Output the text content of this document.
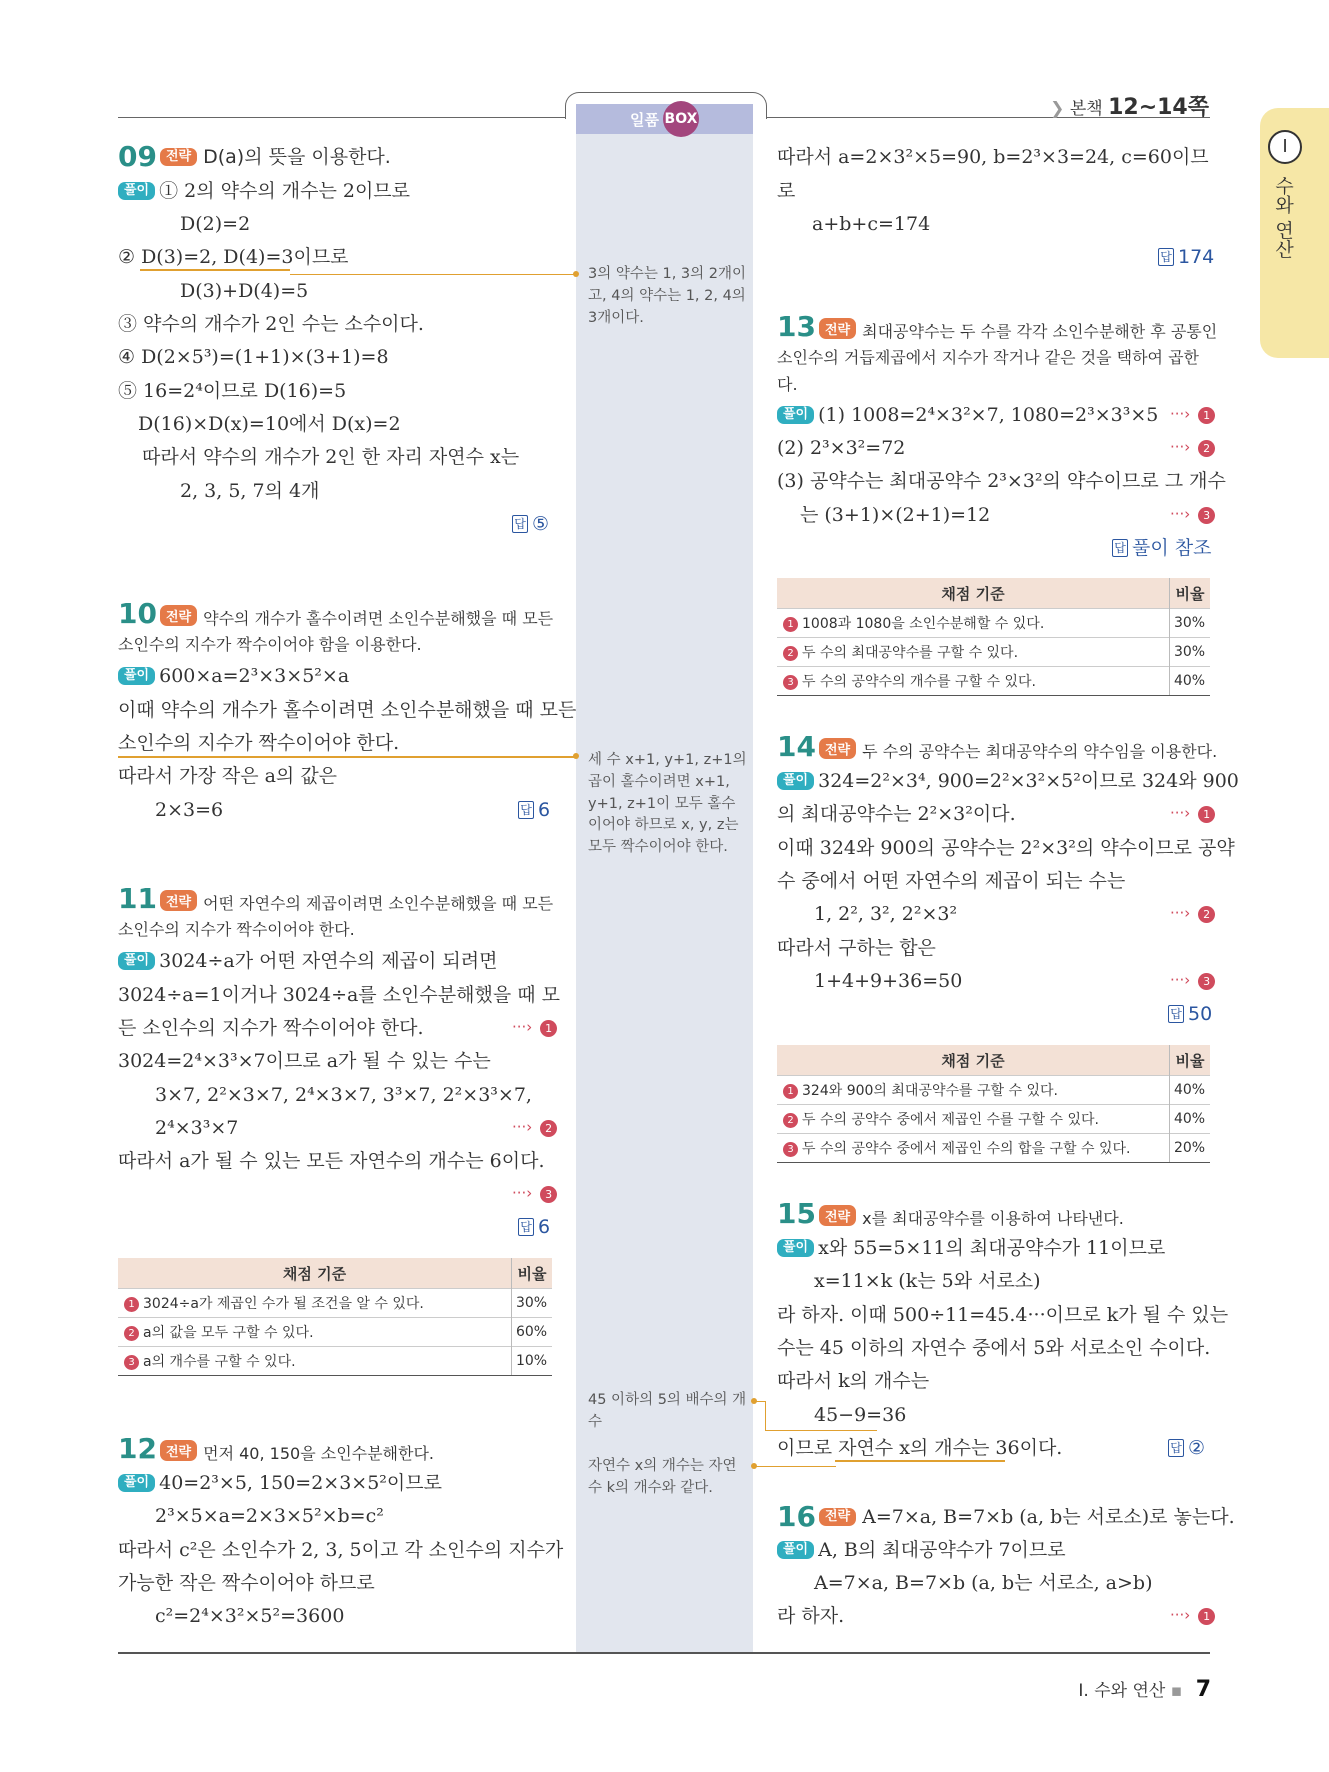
일품 BOX	❯ 본책 12~14쪽
Ⅰ
수와 연산
09 전략 D(a)의 뜻을 이용한다.
풀이 ① 2의 약수의 개수는 2이므로
D(2)=2
② D(3)=2, D(4)=3이므로
D(3)+D(4)=5
③ 약수의 개수가 2인 수는 소수이다.
④ D(2×5³)=(1+1)×(3+1)=8
⑤ 16=2⁴이므로 D(16)=5
D(16)×D(x)=10에서 D(x)=2
따라서 약수의 개수가 2인 한 자리 자연수 x는
2, 3, 5, 7의 4개
답 ⑤
10 전략 약수의 개수가 홀수이려면 소인수분해했을 때 모든
소인수의 지수가 짝수이어야 함을 이용한다.
풀이 600×a=2³×3×5²×a
이때 약수의 개수가 홀수이려면 소인수분해했을 때 모든
소인수의 지수가 짝수이어야 한다.
따라서 가장 작은 a의 값은
2×3=6	답 6
11 전략 어떤 자연수의 제곱이려면 소인수분해했을 때 모든
소인수의 지수가 짝수이어야 한다.
풀이 3024÷a가 어떤 자연수의 제곱이 되려면
3024÷a=1이거나 3024÷a를 소인수분해했을 때 모
든 소인수의 지수가 짝수이어야 한다.	···› 1
3024=2⁴×3³×7이므로 a가 될 수 있는 수는
3×7, 2²×3×7, 2⁴×3×7, 3³×7, 2²×3³×7,
2⁴×3³×7	···› 2
따라서 a가 될 수 있는 모든 자연수의 개수는 6이다.
···› 3
답 6
채점 기준	비율
1 3024÷a가 제곱인 수가 될 조건을 알 수 있다.	30%
2 a의 값을 모두 구할 수 있다.	60%
3 a의 개수를 구할 수 있다.	10%
12 전략 먼저 40, 150을 소인수분해한다.
풀이 40=2³×5, 150=2×3×5²이므로
2³×5×a=2×3×5²×b=c²
따라서 c²은 소인수가 2, 3, 5이고 각 소인수의 지수가
가능한 작은 짝수이어야 하므로
c²=2⁴×3²×5²=3600
3의 약수는 1, 3의 2개이고, 4의 약수는 1, 2, 4의 3개이다.
세 수 x+1, y+1, z+1의 곱이 홀수이려면 x+1, y+1, z+1이 모두 홀수이어야 하므로 x, y, z는 모두 짝수이어야 한다.
45 이하의 5의 배수의 개수
자연수 x의 개수는 자연수 k의 개수와 같다.
따라서 a=2×3²×5=90, b=2³×3=24, c=60이므
로
a+b+c=174
답 174
13 전략 최대공약수는 두 수를 각각 소인수분해한 후 공통인
소인수의 거듭제곱에서 지수가 작거나 같은 것을 택하여 곱한
다.
풀이 (1) 1008=2⁴×3²×7, 1080=2³×3³×5 ···› 1
(2) 2³×3²=72	···› 2
(3) 공약수는 최대공약수 2³×3²의 약수이므로 그 개수
는 (3+1)×(2+1)=12	···› 3
답 풀이 참조
채점 기준	비율
1 1008과 1080을 소인수분해할 수 있다.	30%
2 두 수의 최대공약수를 구할 수 있다.	30%
3 두 수의 공약수의 개수를 구할 수 있다.	40%
14 전략 두 수의 공약수는 최대공약수의 약수임을 이용한다.
풀이 324=2²×3⁴, 900=2²×3²×5²이므로 324와 900
의 최대공약수는 2²×3²이다.	···› 1
이때 324와 900의 공약수는 2²×3²의 약수이므로 공약
수 중에서 어떤 자연수의 제곱이 되는 수는
1, 2², 3², 2²×3²	···› 2
따라서 구하는 합은
1+4+9+36=50	···› 3
답 50
채점 기준	비율
1 324와 900의 최대공약수를 구할 수 있다.	40%
2 두 수의 공약수 중에서 제곱인 수를 구할 수 있다.	40%
3 두 수의 공약수 중에서 제곱인 수의 합을 구할 수 있다.	20%
15 전략 x를 최대공약수를 이용하여 나타낸다.
풀이 x와 55=5×11의 최대공약수가 11이므로
x=11×k (k는 5와 서로소)
라 하자. 이때 500÷11=45.4···이므로 k가 될 수 있는
수는 45 이하의 자연수 중에서 5와 서로소인 수이다.
따라서 k의 개수는
45−9=36
이므로 자연수 x의 개수는 36이다.	답 ②
16 전략 A=7×a, B=7×b (a, b는 서로소)로 놓는다.
풀이 A, B의 최대공약수가 7이므로
A=7×a, B=7×b (a, b는 서로소, a>b)
라 하자.	···› 1
Ⅰ. 수와 연산 ▪ 7
